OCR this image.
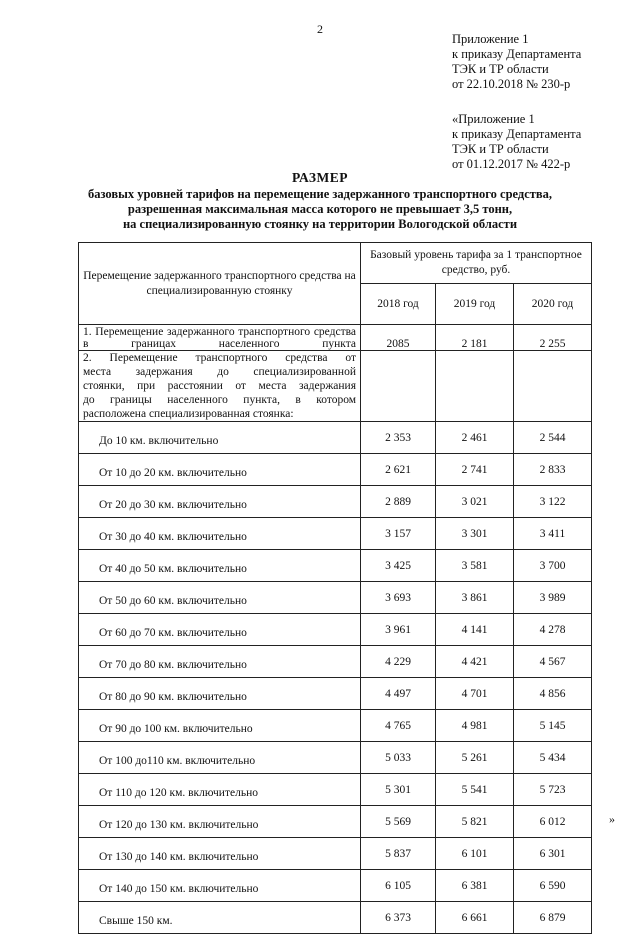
2
Приложение 1
к приказу Департамента
ТЭК и ТР области
от 22.10.2018 № 230-р
«Приложение 1
к приказу Департамента
ТЭК и ТР области
от 01.12.2017 № 422-р
РАЗМЕР
базовых уровней тарифов на перемещение задержанного транспортного средства,
разрешенная максимальная масса которого не превышает 3,5 тонн,
на специализированную стоянку на территории Вологодской области
Перемещение задержанного транспортного средства на специализированную стоянку	Базовый уровень тарифа за 1 транспортное средство, руб.		
	2018 год	2019 год	2020 год
1. Перемещение задержанного транспортного средства в границах населенного пункта	2085	2 181	2 255

2. Перемещение транспортного средства от
места задержания до специализированной
стоянки, при расстоянии от места задержания
до границы населенного пункта, в котором
расположена специализированная стоянка:			

До 10 км. включительно	2 353	2 461	2 544
От 10 до 20 км. включительно	2 621	2 741	2 833
От 20 до 30 км. включительно	2 889	3 021	3 122
От 30 до 40 км. включительно	3 157	3 301	3 411
От 40 до 50 км. включительно	3 425	3 581	3 700
От 50 до 60 км. включительно	3 693	3 861	3 989
От 60 до 70 км. включительно	3 961	4 141	4 278
От 70 до 80 км. включительно	4 229	4 421	4 567
От 80 до 90 км. включительно	4 497	4 701	4 856
От 90 до 100 км. включительно	4 765	4 981	5 145
От 100 до110 км. включительно	5 033	5 261	5 434
От 110 до 120 км. включительно	5 301	5 541	5 723
От 120 до 130 км. включительно	5 569	5 821	6 012
От 130 до 140 км. включительно	5 837	6 101	6 301
От 140 до 150 км. включительно	6 105	6 381	6 590
Свыше 150 км.	6 373	6 661	6 879
»
